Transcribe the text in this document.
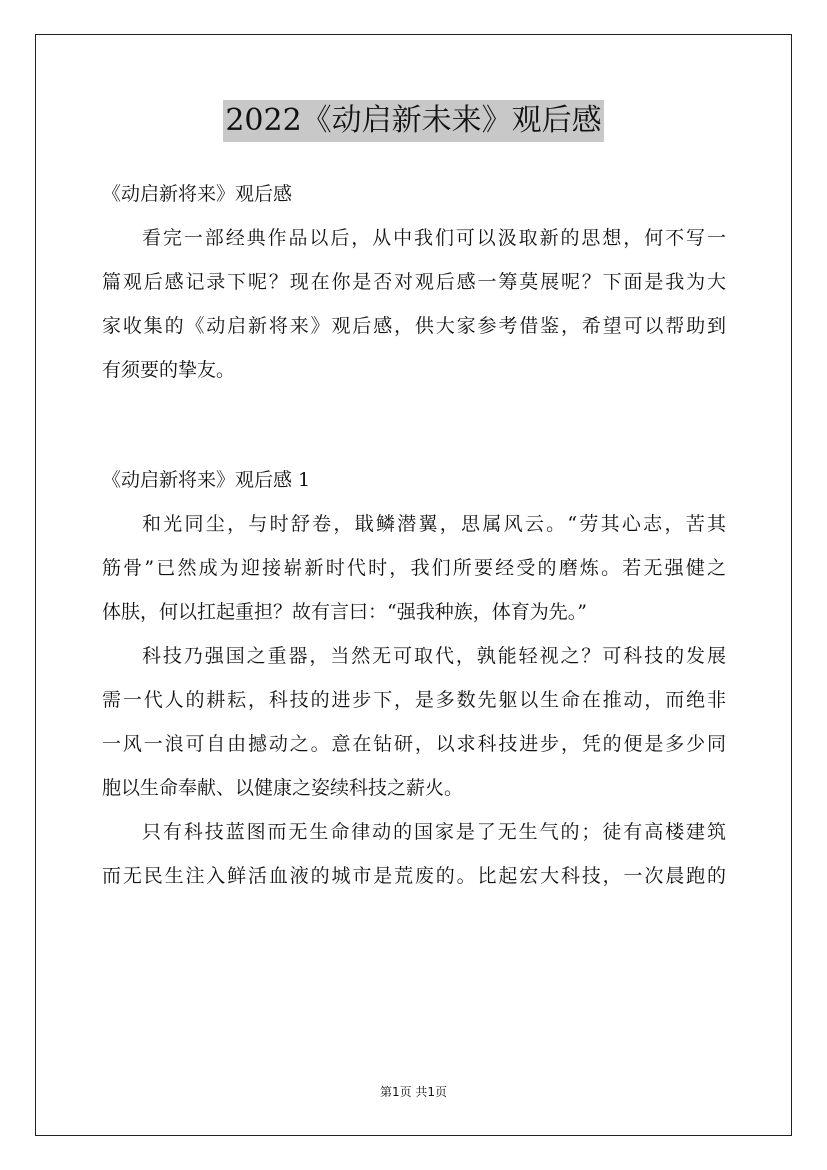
2022《动启新未来》观后感
《动启新将来》观后感
看完一部经典作品以后，从中我们可以汲取新的思想，何不写一
篇观后感记录下呢？现在你是否对观后感一筹莫展呢？下面是我为大
家收集的《动启新将来》观后感，供大家参考借鉴，希望可以帮助到
有须要的挚友。
《动启新将来》观后感 1
和光同尘，与时舒卷，戢鳞潜翼，思属风云。“劳其心志，苦其
筋骨”已然成为迎接崭新时代时，我们所要经受的磨炼。若无强健之
体肤，何以扛起重担？故有言曰：“强我种族，体育为先。”
科技乃强国之重器，当然无可取代，孰能轻视之？可科技的发展
需一代人的耕耘，科技的进步下，是多数先躯以生命在推动，而绝非
一风一浪可自由撼动之。意在钻研，以求科技进步，凭的便是多少同
胞以生命奉献、以健康之姿续科技之薪火。
只有科技蓝图而无生命律动的国家是了无生气的；徒有高楼建筑
而无民生注入鲜活血液的城市是荒废的。比起宏大科技，一次晨跑的
第1页 共1页
